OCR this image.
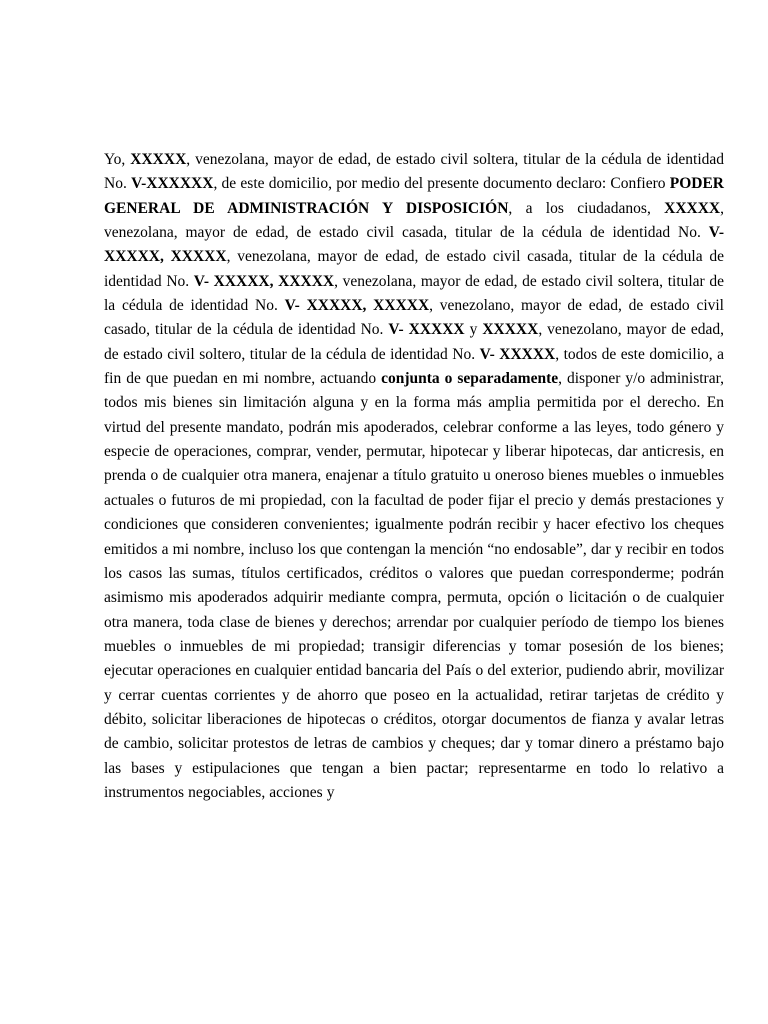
Yo, XXXXX, venezolana, mayor de edad, de estado civil soltera, titular de la cédula de identidad No. V-XXXXXX, de este domicilio, por medio del presente documento declaro: Confiero PODER GENERAL DE ADMINISTRACIÓN Y DISPOSICIÓN, a los ciudadanos, XXXXX, venezolana, mayor de edad, de estado civil casada, titular de la cédula de identidad No. V-XXXXX, XXXXX, venezolana, mayor de edad, de estado civil casada, titular de la cédula de identidad No. V- XXXXX, XXXXX, venezolana, mayor de edad, de estado civil soltera, titular de la cédula de identidad No. V- XXXXX, XXXXX, venezolano, mayor de edad, de estado civil casado, titular de la cédula de identidad No. V- XXXXX y XXXXX, venezolano, mayor de edad, de estado civil soltero, titular de la cédula de identidad No. V- XXXXX, todos de este domicilio, a fin de que puedan en mi nombre, actuando conjunta o separadamente, disponer y/o administrar, todos mis bienes sin limitación alguna y en la forma más amplia permitida por el derecho. En virtud del presente mandato, podrán mis apoderados, celebrar conforme a las leyes, todo género y especie de operaciones, comprar, vender, permutar, hipotecar y liberar hipotecas, dar anticresis, en prenda o de cualquier otra manera, enajenar a título gratuito u oneroso bienes muebles o inmuebles actuales o futuros de mi propiedad, con la facultad de poder fijar el precio y demás prestaciones y condiciones que consideren convenientes; igualmente podrán recibir y hacer efectivo los cheques emitidos a mi nombre, incluso los que contengan la mención “no endosable”, dar y recibir en todos los casos las sumas, títulos certificados, créditos o valores que puedan corresponderme; podrán asimismo mis apoderados adquirir mediante compra, permuta, opción o licitación o de cualquier otra manera, toda clase de bienes y derechos; arrendar por cualquier período de tiempo los bienes muebles o inmuebles de mi propiedad; transigir diferencias y tomar posesión de los bienes; ejecutar operaciones en cualquier entidad bancaria del País o del exterior, pudiendo abrir, movilizar y cerrar cuentas corrientes y de ahorro que poseo en la actualidad, retirar tarjetas de crédito y débito, solicitar liberaciones de hipotecas o créditos, otorgar documentos de fianza y avalar letras de cambio, solicitar protestos de letras de cambios y cheques; dar y tomar dinero a préstamo bajo las bases y estipulaciones que tengan a bien pactar; representarme en todo lo relativo a instrumentos negociables, acciones y
